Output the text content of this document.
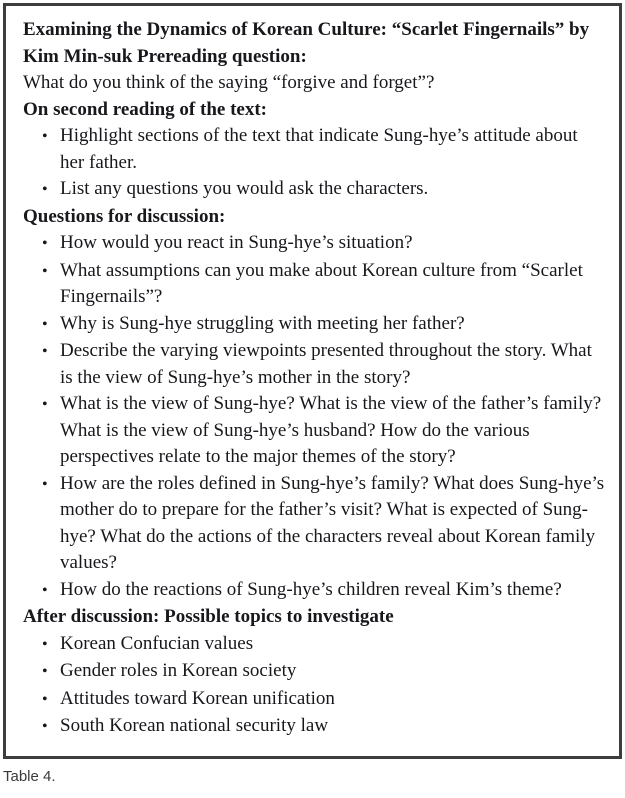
Examining the Dynamics of Korean Culture: “Scarlet Fingernails” by Kim Min-suk Prereading question:

What do you think of the saying “forgive and forget”?

On second reading of the text:

• Highlight sections of the text that indicate Sung-hye’s attitude about her father.
• List any questions you would ask the characters.

Questions for discussion:

• How would you react in Sung-hye’s situation?
• What assumptions can you make about Korean culture from “Scarlet Fingernails”?
• Why is Sung-hye struggling with meeting her father?
• Describe the varying viewpoints presented throughout the story. What is the view of Sung-hye’s mother in the story?
• What is the view of Sung-hye? What is the view of the father’s family? What is the view of Sung-hye’s husband? How do the various perspectives relate to the major themes of the story?
• How are the roles defined in Sung-hye’s family? What does Sung-hye’s mother do to prepare for the father’s visit? What is expected of Sung-hye? What do the actions of the characters reveal about Korean family values?
• How do the reactions of Sung-hye’s children reveal Kim’s theme?

After discussion: Possible topics to investigate

• Korean Confucian values
• Gender roles in Korean society
• Attitudes toward Korean unification
• South Korean national security law
Table 4.
